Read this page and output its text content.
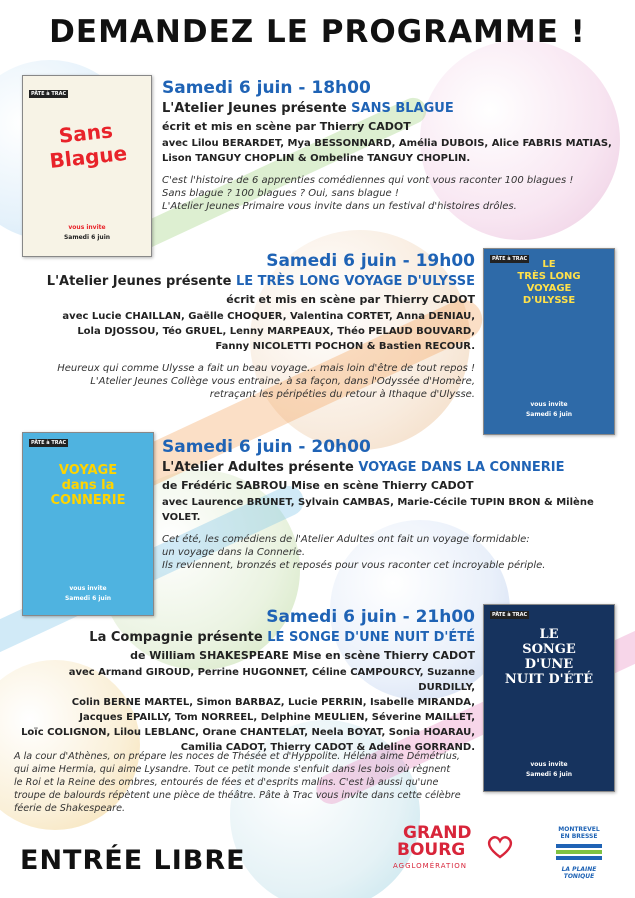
DEMANDEZ LE PROGRAMME !
PÂTE à TRAC
Sans Blague
vous invite
Samedi 6 juin
PÂTE à TRAC	LE
TRÈS LONG
VOYAGE
D'ULYSSE
vous invite
Samedi 6 juin
PÂTE à TRAC
VOYAGE
dans la
CONNERIE
vous invite
Samedi 6 juin
PÂTE à TRAC
LE
SONGE
D'UNE
NUIT D'ÉTÉ
vous invite
Samedi 6 juin

Samedi 6 juin - 18h00

L'Atelier Jeunes présente SANS BLAGUE

écrit et mis en scène par Thierry CADOT

avec Lilou BERARDET, Mya BESSONNARD, Amélia DUBOIS, Alice FABRIS MATIAS,
Lison TANGUY CHOPLIN & Ombeline TANGUY CHOPLIN.
C'est l'histoire de 6 apprenties comédiennes qui vont vous raconter 100 blagues !
Sans blague ? 100 blagues ? Oui, sans blague !
L'Atelier Jeunes Primaire vous invite dans un festival d'histoires drôles.

Samedi 6 juin - 19h00

L'Atelier Jeunes présente LE TRÈS LONG VOYAGE D'ULYSSE

écrit et mis en scène par Thierry CADOT

avec Lucie CHAILLAN, Gaëlle CHOQUER, Valentina CORTET, Anna DENIAU,
Lola DJOSSOU, Téo GRUEL, Lenny MARPEAUX, Théo PELAUD BOUVARD,
Fanny NICOLETTI POCHON & Bastien RECOUR.
Heureux qui comme Ulysse a fait un beau voyage... mais loin d'être de tout repos !
L'Atelier Jeunes Collège vous entraine, à sa façon, dans l'Odyssée d'Homère,
retraçant les péripéties du retour à Ithaque d'Ulysse.

Samedi 6 juin - 20h00

L'Atelier Adultes présente VOYAGE DANS LA CONNERIE

de Frédéric SABROU Mise en scène Thierry CADOT

avec Laurence BRUNET, Sylvain CAMBAS, Marie-Cécile TUPIN BRON & Milène VOLET.
Cet été, les comédiens de l'Atelier Adultes ont fait un voyage formidable:
un voyage dans la Connerie.
Ils reviennent, bronzés et reposés pour vous raconter cet incroyable périple.

Samedi 6 juin - 21h00

La Compagnie présente LE SONGE D'UNE NUIT D'ÉTÉ

de William SHAKESPEARE Mise en scène Thierry CADOT

avec Armand GIROUD, Perrine HUGONNET, Céline CAMPOURCY, Suzanne DURDILLY,
Colin BERNE MARTEL, Simon BARBAZ, Lucie PERRIN, Isabelle MIRANDA,
Jacques EPAILLY, Tom NORREEL, Delphine MEULIEN, Séverine MAILLET,
Loïc COLIGNON, Lilou LEBLANC, Orane CHANTELAT, Neela BOYAT, Sonia HOARAU,
Camilia CADOT, Thierry CADOT & Adeline GORRAND.
A la cour d'Athènes, on prépare les noces de Thésée et d'Hyppolite. Héléna aime Démétrius,
qui aime Hermia, qui aime Lysandre. Tout ce petit monde s'enfuit dans les bois où règnent
le Roi et la Reine des ombres, entourés de fées et d'esprits malins. C'est là aussi qu'une
troupe de balourds répètent une pièce de théâtre. Pâte à Trac vous invite dans cette célèbre féerie de Shakespeare.

ENTRÉE LIBRE

GRAND
BOURG
AGGLOMÉRATION
MONTREVEL
EN BRESSE
LA PLAINE
TONIQUE
